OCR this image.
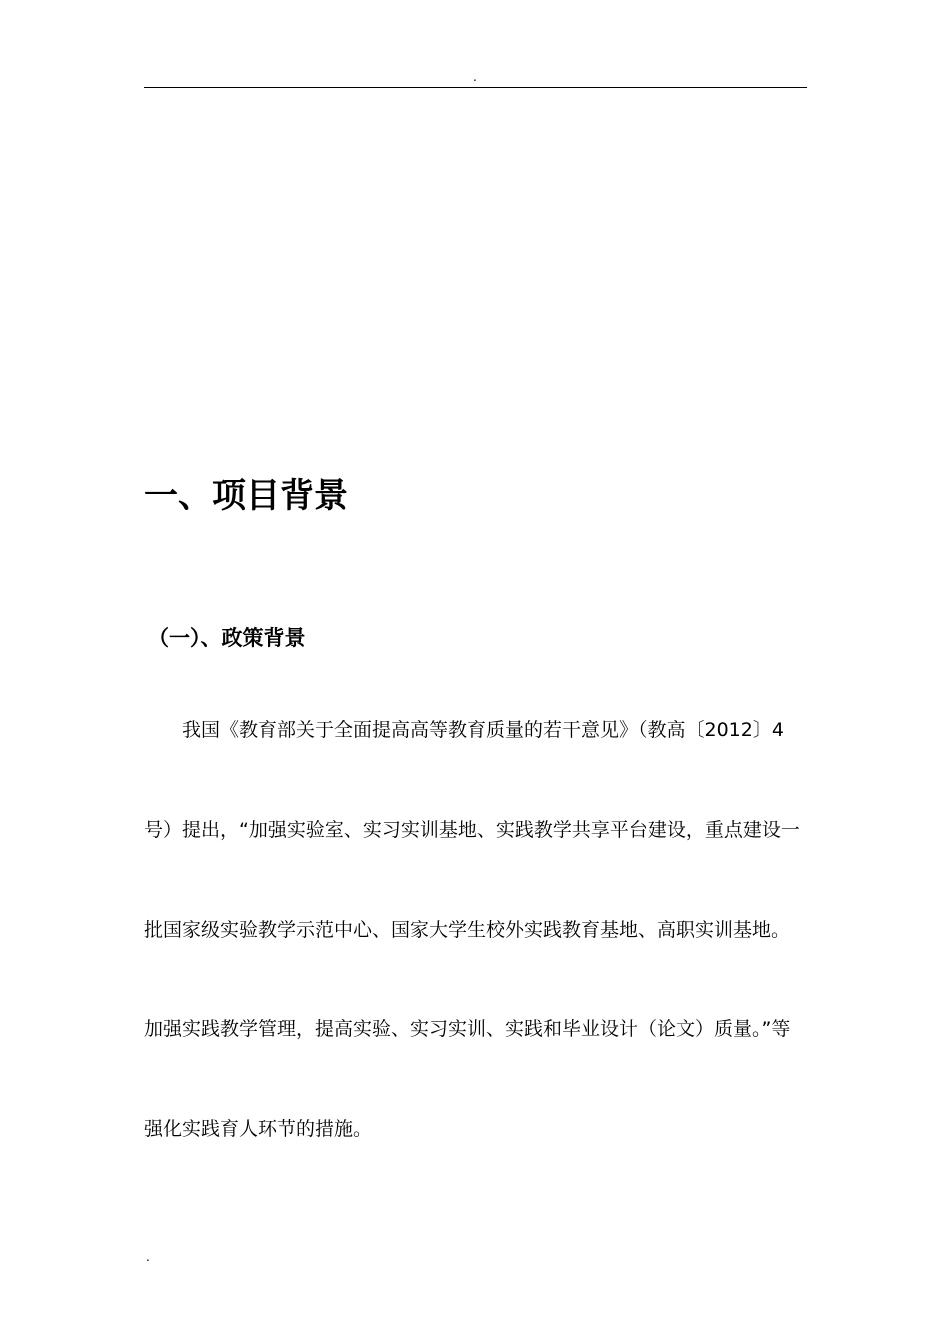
.
一、项目背景
（一）、政策背景
我国《教育部关于全面提高高等教育质量的若干意见》（教高〔2012〕4
号）提出，“加强实验室、实习实训基地、实践教学共享平台建设，重点建设一
批国家级实验教学示范中心、国家大学生校外实践教育基地、高职实训基地。
加强实践教学管理，提高实验、实习实训、实践和毕业设计（论文）质量。”等
强化实践育人环节的措施。
.
